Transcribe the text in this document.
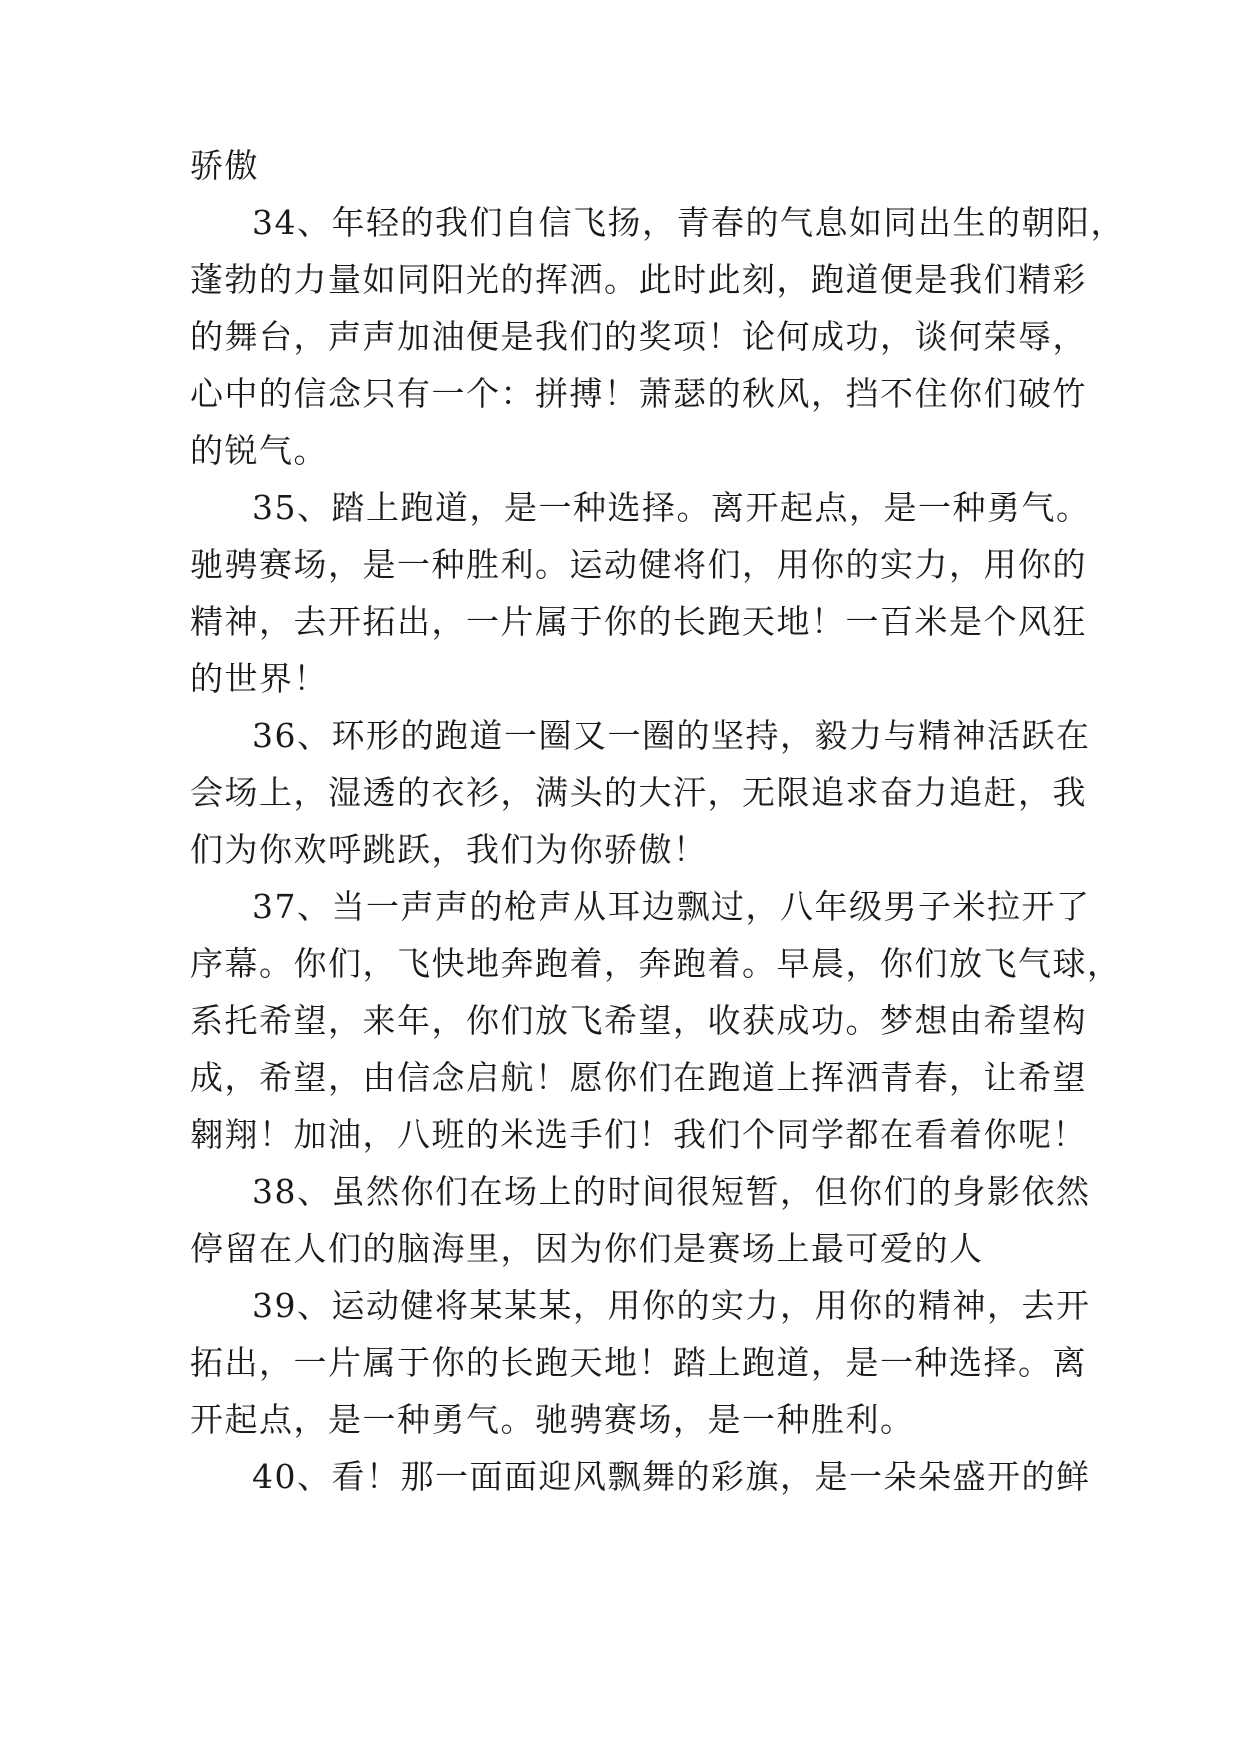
骄傲
34、年轻的我们自信飞扬，青春的气息如同出生的朝阳，
蓬勃的力量如同阳光的挥洒。此时此刻，跑道便是我们精彩
的舞台，声声加油便是我们的奖项！论何成功，谈何荣辱，
心中的信念只有一个：拼搏！萧瑟的秋风，挡不住你们破竹
的锐气。
35、踏上跑道，是一种选择。离开起点，是一种勇气。
驰骋赛场，是一种胜利。运动健将们，用你的实力，用你的
精神，去开拓出，一片属于你的长跑天地！一百米是个风狂
的世界！
36、环形的跑道一圈又一圈的坚持，毅力与精神活跃在
会场上，湿透的衣衫，满头的大汗，无限追求奋力追赶，我
们为你欢呼跳跃，我们为你骄傲！
37、当一声声的枪声从耳边飘过，八年级男子米拉开了
序幕。你们，飞快地奔跑着，奔跑着。早晨，你们放飞气球，
系托希望，来年，你们放飞希望，收获成功。梦想由希望构
成，希望，由信念启航！愿你们在跑道上挥洒青春，让希望
翱翔！加油，八班的米选手们！我们个同学都在看着你呢！
38、虽然你们在场上的时间很短暂，但你们的身影依然
停留在人们的脑海里，因为你们是赛场上最可爱的人
39、运动健将某某某，用你的实力，用你的精神，去开
拓出，一片属于你的长跑天地！踏上跑道，是一种选择。离
开起点，是一种勇气。驰骋赛场，是一种胜利。
40、看！那一面面迎风飘舞的彩旗，是一朵朵盛开的鲜
